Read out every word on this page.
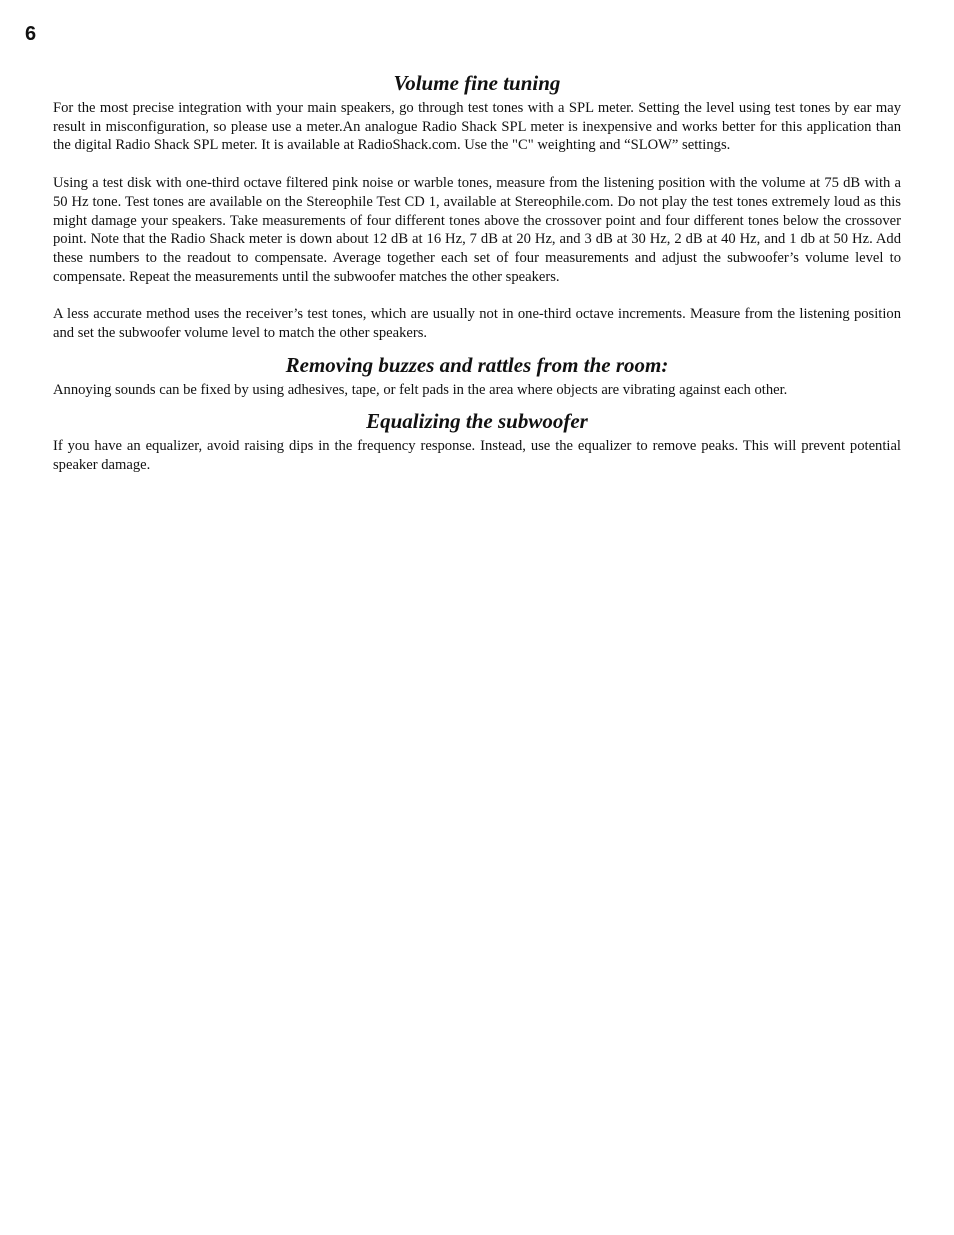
6
Volume fine tuning

For the most precise integration with your main speakers, go through test tones with a SPL meter. Setting the level using test tones by ear may result in misconfiguration, so please use a meter.An analogue Radio Shack SPL meter is inexpensive and works better for this application than the digital Radio Shack SPL meter. It is available at RadioShack.com. Use the "C" weighting and “SLOW” settings.

Using a test disk with one-third octave filtered pink noise or warble tones, measure from the listening position with the volume at 75 dB with a 50 Hz tone. Test tones are available on the Stereophile Test CD 1, available at Stereophile.com. Do not play the test tones extremely loud as this might damage your speakers. Take measurements of four different tones above the crossover point and four different tones below the crossover point. Note that the Radio Shack meter is down about 12 dB at 16 Hz, 7 dB at 20 Hz, and 3 dB at 30 Hz, 2 dB at 40 Hz, and 1 db at 50 Hz. Add these numbers to the readout to compensate. Average together each set of four measurements and adjust the subwoofer’s volume level to compensate. Repeat the measurements until the subwoofer matches the other speakers.

A less accurate method uses the receiver’s test tones, which are usually not in one-third octave increments. Measure from the listening position and set the subwoofer volume level to match the other speakers.

Removing buzzes and rattles from the room:

Annoying sounds can be fixed by using adhesives, tape, or felt pads in the area where objects are vibrating against each other.

Equalizing the subwoofer

If you have an equalizer, avoid raising dips in the frequency response. Instead, use the equalizer to remove peaks. This will prevent potential speaker damage.
